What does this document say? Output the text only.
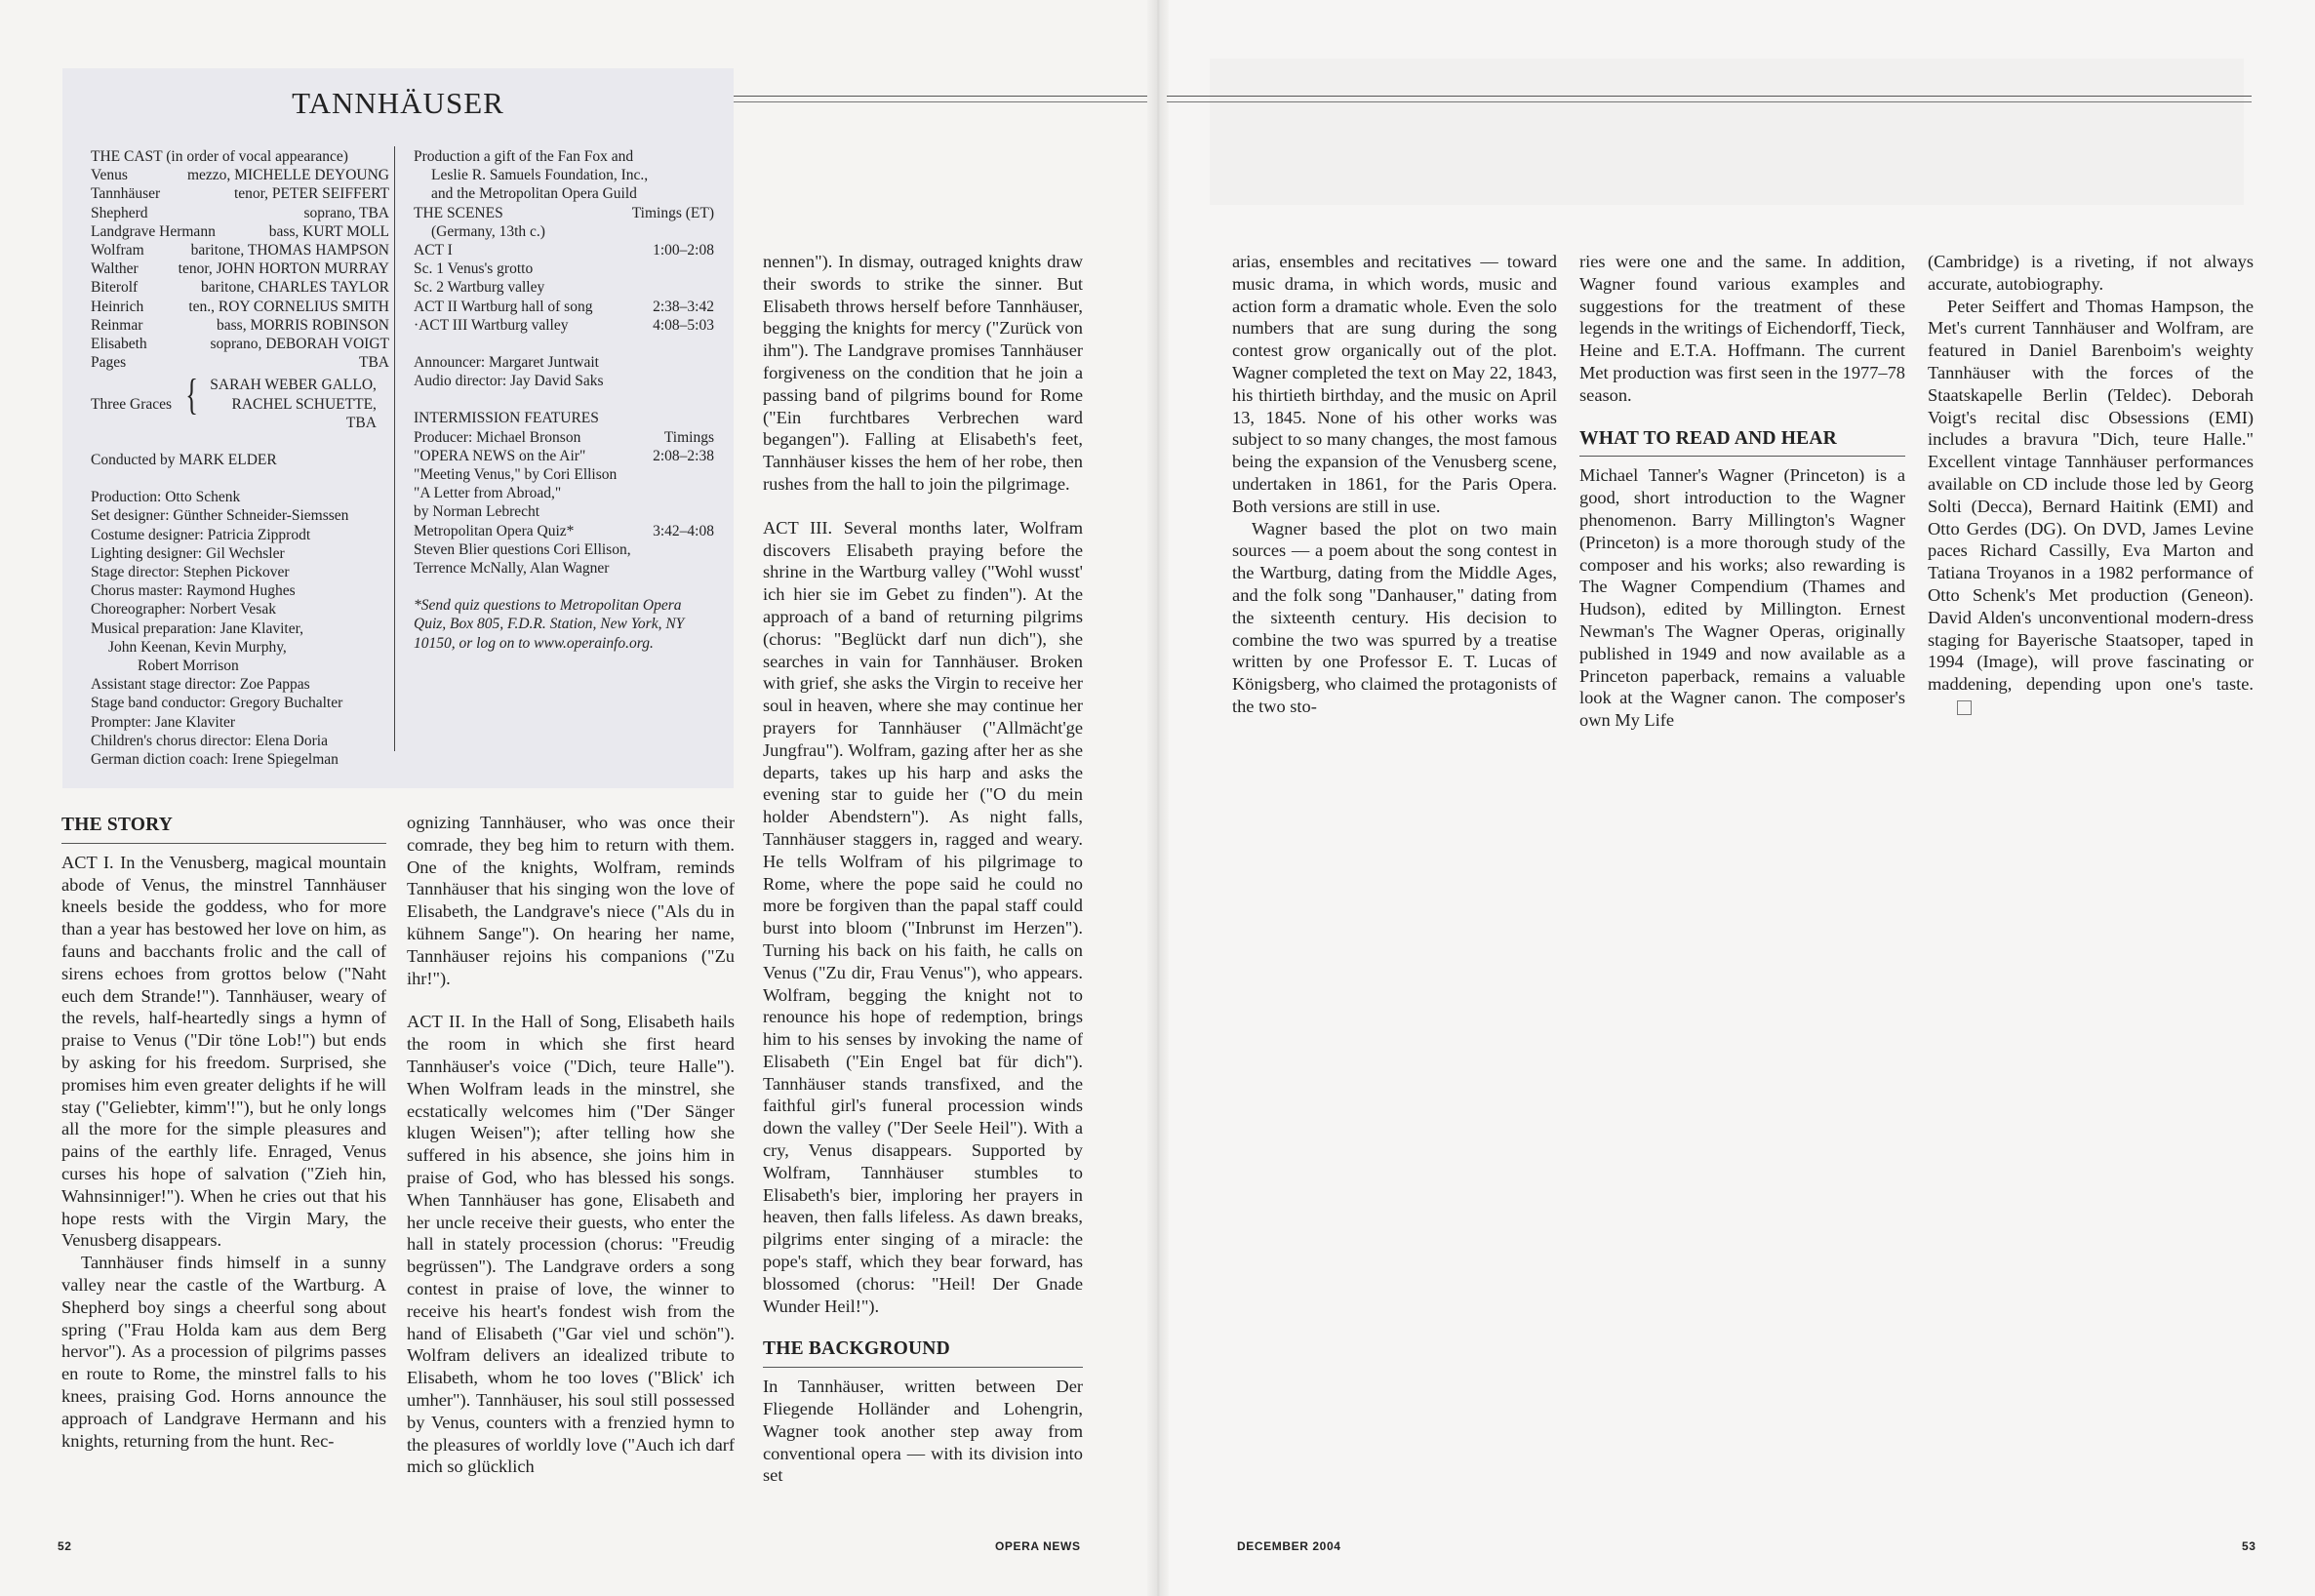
TANNHÄUSER
THE CAST (in order of vocal appearance)
Venus	mezzo, MICHELLE DEYOUNG
Tannhäuser	tenor, PETER SEIFFERT
Shepherd	soprano, TBA
Landgrave Hermann	bass, KURT MOLL
Wolfram	baritone, THOMAS HAMPSON
Walther	tenor, JOHN HORTON MURRAY
Biterolf	baritone, CHARLES TAYLOR
Heinrich	ten., ROY CORNELIUS SMITH
Reinmar	bass, MORRIS ROBINSON
Elisabeth	soprano, DEBORAH VOIGT
Pages	TBA
Three Graces { SARAH WEBER GALLO,
RACHEL SCHUETTE,
TBA
Conducted by MARK ELDER
Production: Otto Schenk
Set designer: Günther Schneider-Siemssen
Costume designer: Patricia Zipprodt
Lighting designer: Gil Wechsler
Stage director: Stephen Pickover
Chorus master: Raymond Hughes
Choreographer: Norbert Vesak
Musical preparation: Jane Klaviter,
John Keenan, Kevin Murphy,
Robert Morrison
Assistant stage director: Zoe Pappas
Stage band conductor: Gregory Buchalter
Prompter: Jane Klaviter
Children's chorus director: Elena Doria
German diction coach: Irene Spiegelman
Production a gift of the Fan Fox and
Leslie R. Samuels Foundation, Inc.,
and the Metropolitan Opera Guild
THE SCENES	Timings (ET)
(Germany, 13th c.)
ACT I	1:00–2:08
Sc. 1 Venus's grotto
Sc. 2 Wartburg valley
ACT II Wartburg hall of song	2:38–3:42
·ACT III Wartburg valley	4:08–5:03
Announcer: Margaret Juntwait
Audio director: Jay David Saks
INTERMISSION FEATURES
Producer: Michael Bronson	Timings
"OPERA NEWS on the Air"	2:08–2:38
"Meeting Venus," by Cori Ellison
"A Letter from Abroad,"
by Norman Lebrecht
Metropolitan Opera Quiz*	3:42–4:08
Steven Blier questions Cori Ellison,
Terrence McNally, Alan Wagner
*Send quiz questions to Metropolitan Opera Quiz, Box 805, F.D.R. Station, New York, NY 10150, or log on to www.operainfo.org.
THE STORY

ACT I. In the Venusberg, magical mountain abode of Venus, the minstrel Tannhäuser kneels beside the goddess, who for more than a year has bestowed her love on him, as fauns and bacchants frolic and the call of sirens echoes from grottos below ("Naht euch dem Strande!"). Tannhäuser, weary of the revels, half-heartedly sings a hymn of praise to Venus ("Dir töne Lob!") but ends by asking for his freedom. Surprised, she promises him even greater delights if he will stay ("Geliebter, kimm'!"), but he only longs all the more for the simple pleasures and pains of the earthly life. Enraged, Venus curses his hope of salvation ("Zieh hin, Wahnsinniger!"). When he cries out that his hope rests with the Virgin Mary, the Venusberg disappears.

Tannhäuser finds himself in a sunny valley near the castle of the Wartburg. A Shepherd boy sings a cheerful song about spring ("Frau Holda kam aus dem Berg hervor"). As a procession of pilgrims passes en route to Rome, the minstrel falls to his knees, praising God. Horns announce the approach of Landgrave Hermann and his knights, returning from the hunt. Rec-

ognizing Tannhäuser, who was once their comrade, they beg him to return with them. One of the knights, Wolfram, reminds Tannhäuser that his singing won the love of Elisabeth, the Landgrave's niece ("Als du in kühnem Sange"). On hearing her name, Tannhäuser rejoins his companions ("Zu ihr!").

ACT II. In the Hall of Song, Elisabeth hails the room in which she first heard Tannhäuser's voice ("Dich, teure Halle"). When Wolfram leads in the minstrel, she ecstatically welcomes him ("Der Sänger klugen Weisen"); after telling how she suffered in his absence, she joins him in praise of God, who has blessed his songs. When Tannhäuser has gone, Elisabeth and her uncle receive their guests, who enter the hall in stately procession (chorus: "Freudig begrüssen"). The Landgrave orders a song contest in praise of love, the winner to receive his heart's fondest wish from the hand of Elisabeth ("Gar viel und schön"). Wolfram delivers an idealized tribute to Elisabeth, whom he too loves ("Blick' ich umher"). Tannhäuser, his soul still possessed by Venus, counters with a frenzied hymn to the pleasures of worldly love ("Auch ich darf mich so glücklich

nennen"). In dismay, outraged knights draw their swords to strike the sinner. But Elisabeth throws herself before Tannhäuser, begging the knights for mercy ("Zurück von ihm"). The Landgrave promises Tannhäuser forgiveness on the condition that he join a passing band of pilgrims bound for Rome ("Ein furchtbares Verbrechen ward begangen"). Falling at Elisabeth's feet, Tannhäuser kisses the hem of her robe, then rushes from the hall to join the pilgrimage.

ACT III. Several months later, Wolfram discovers Elisabeth praying before the shrine in the Wartburg valley ("Wohl wusst' ich hier sie im Gebet zu finden"). At the approach of a band of returning pilgrims (chorus: "Beglückt darf nun dich"), she searches in vain for Tannhäuser. Broken with grief, she asks the Virgin to receive her soul in heaven, where she may continue her prayers for Tannhäuser ("Allmächt'ge Jungfrau"). Wolfram, gazing after her as she departs, takes up his harp and asks the evening star to guide her ("O du mein holder Abendstern"). As night falls, Tannhäuser staggers in, ragged and weary. He tells Wolfram of his pilgrimage to Rome, where the pope said he could no more be forgiven than the papal staff could burst into bloom ("Inbrunst im Herzen"). Turning his back on his faith, he calls on Venus ("Zu dir, Frau Venus"), who appears. Wolfram, begging the knight not to renounce his hope of redemption, brings him to his senses by invoking the name of Elisabeth ("Ein Engel bat für dich"). Tannhäuser stands transfixed, and the faithful girl's funeral procession winds down the valley ("Der Seele Heil"). With a cry, Venus disappears. Supported by Wolfram, Tannhäuser stumbles to Elisabeth's bier, imploring her prayers in heaven, then falls lifeless. As dawn breaks, pilgrims enter singing of a miracle: the pope's staff, which they bear forward, has blossomed (chorus: "Heil! Der Gnade Wunder Heil!").

THE BACKGROUND

In Tannhäuser, written between Der Fliegende Holländer and Lohengrin, Wagner took another step away from conventional opera — with its division into set

52	OPERA NEWS

arias, ensembles and recitatives — toward music drama, in which words, music and action form a dramatic whole. Even the solo numbers that are sung during the song contest grow organically out of the plot. Wagner completed the text on May 22, 1843, his thirtieth birthday, and the music on April 13, 1845. None of his other works was subject to so many changes, the most famous being the expansion of the Venusberg scene, undertaken in 1861, for the Paris Opera. Both versions are still in use.

Wagner based the plot on two main sources — a poem about the song contest in the Wartburg, dating from the Middle Ages, and the folk song "Danhauser," dating from the sixteenth century. His decision to combine the two was spurred by a treatise written by one Professor E. T. Lucas of Königsberg, who claimed the protagonists of the two sto-

ries were one and the same. In addition, Wagner found various examples and suggestions for the treatment of these legends in the writings of Eichendorff, Tieck, Heine and E.T.A. Hoffmann. The current Met production was first seen in the 1977–78 season.

WHAT TO READ AND HEAR

Michael Tanner's Wagner (Princeton) is a good, short introduction to the Wagner phenomenon. Barry Millington's Wagner (Princeton) is a more thorough study of the composer and his works; also rewarding is The Wagner Compendium (Thames and Hudson), edited by Millington. Ernest Newman's The Wagner Operas, originally published in 1949 and now available as a Princeton paperback, remains a valuable look at the Wagner canon. The composer's own My Life

(Cambridge) is a riveting, if not always accurate, autobiography.

Peter Seiffert and Thomas Hampson, the Met's current Tannhäuser and Wolfram, are featured in Daniel Barenboim's weighty Tannhäuser with the forces of the Staatskapelle Berlin (Teldec). Deborah Voigt's recital disc Obsessions (EMI) includes a bravura "Dich, teure Halle." Excellent vintage Tannhäuser performances available on CD include those led by Georg Solti (Decca), Bernard Haitink (EMI) and Otto Gerdes (DG). On DVD, James Levine paces Richard Cassilly, Eva Marton and Tatiana Troyanos in a 1982 performance of Otto Schenk's Met production (Geneon). David Alden's unconventional modern-dress staging for Bayerische Staatsoper, taped in 1994 (Image), will prove fascinating or maddening, depending upon one's taste.

DECEMBER 2004	53
